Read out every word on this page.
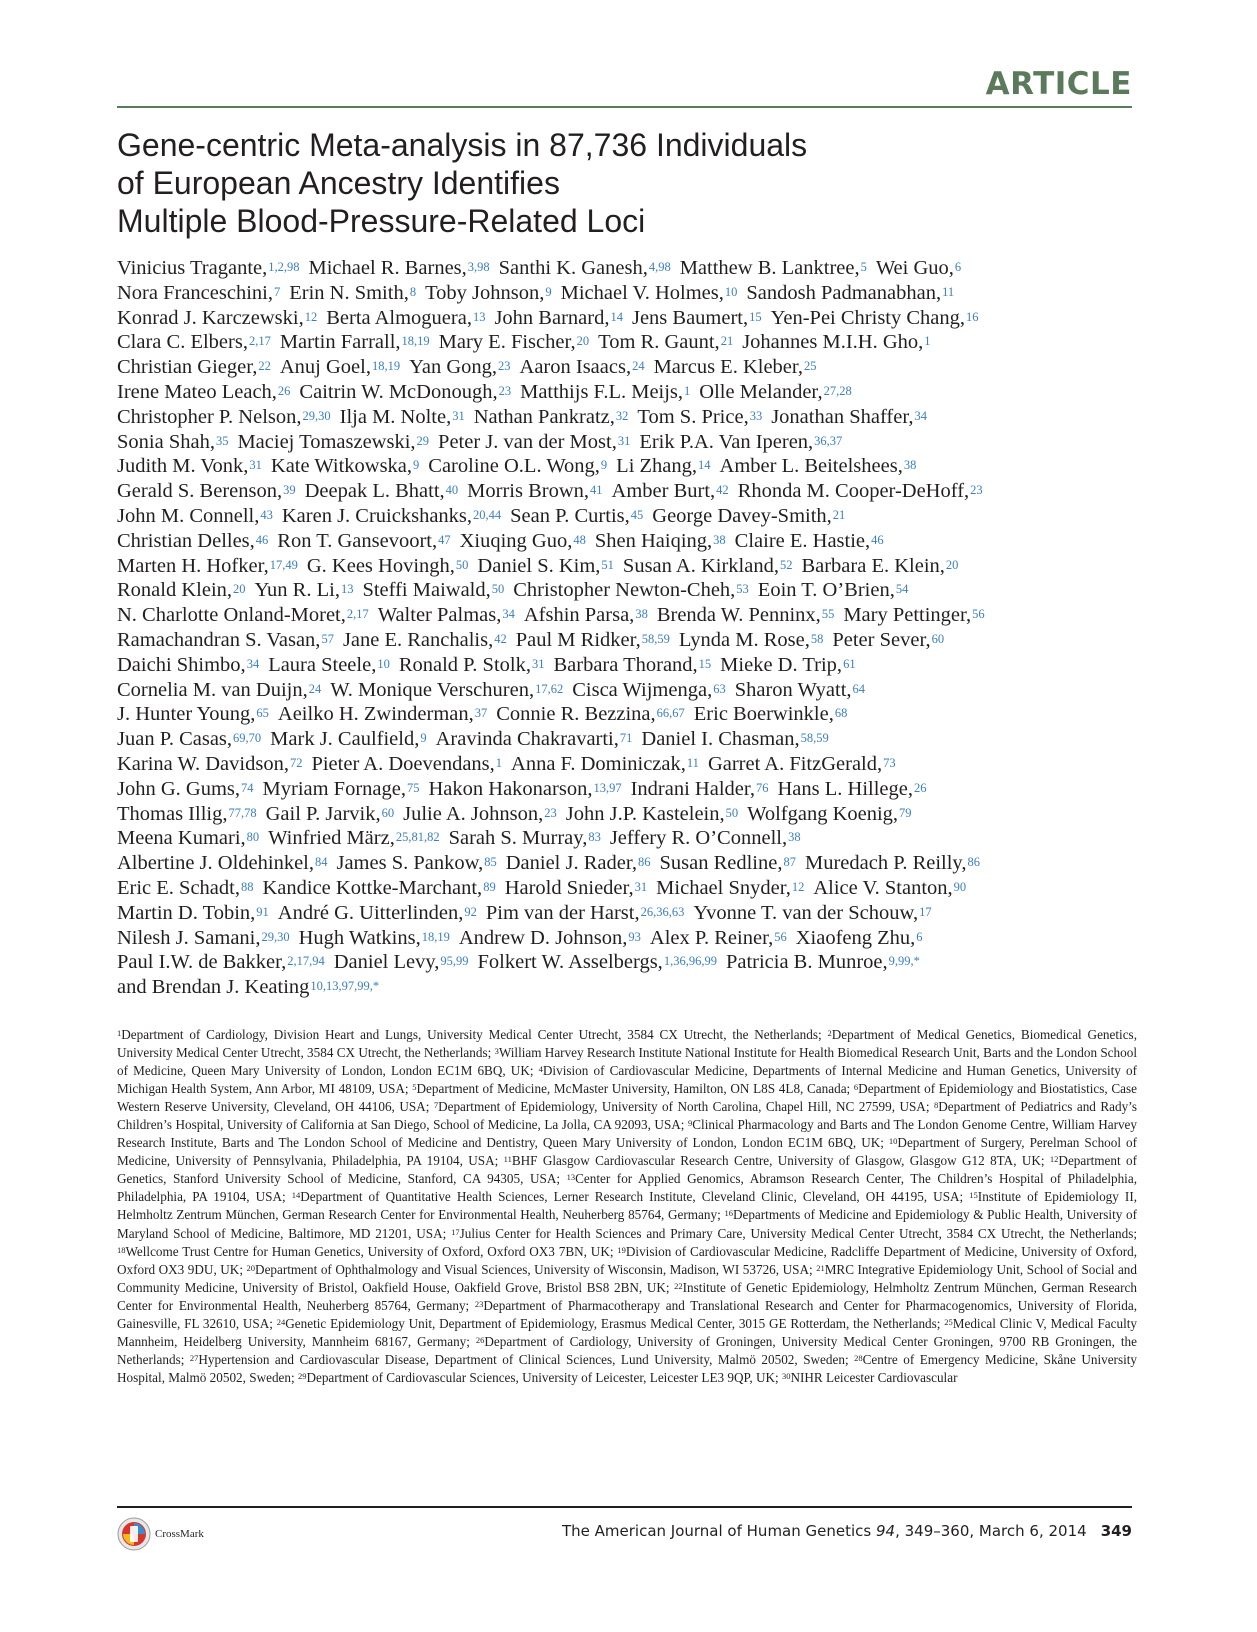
ARTICLE
Gene-centric Meta-analysis in 87,736 Individuals
of European Ancestry Identifies
Multiple Blood-Pressure-Related Loci
Vinicius Tragante,$^{1,2,98}$ Michael R. Barnes,$^{3,98}$ Santhi K. Ganesh,$^{4,98}$ Matthew B. Lanktree,$^5$ Wei Guo,$^6$
Nora Franceschini,$^7$ Erin N. Smith,$^8$ Toby Johnson,$^9$ Michael V. Holmes,$^{10}$ Sandosh Padmanabhan,$^{11}$
Konrad J. Karczewski,$^{12}$ Berta Almoguera,$^{13}$ John Barnard,$^{14}$ Jens Baumert,$^{15}$ Yen-Pei Christy Chang,$^{16}$
Clara C. Elbers,$^{2,17}$ Martin Farrall,$^{18,19}$ Mary E. Fischer,$^{20}$ Tom R. Gaunt,$^{21}$ Johannes M.I.H. Gho,$^1$
Christian Gieger,$^{22}$ Anuj Goel,$^{18,19}$ Yan Gong,$^{23}$ Aaron Isaacs,$^{24}$ Marcus E. Kleber,$^{25}$
Irene Mateo Leach,$^{26}$ Caitrin W. McDonough,$^{23}$ Matthijs F.L. Meijs,$^1$ Olle Melander,$^{27,28}$
Christopher P. Nelson,$^{29,30}$ Ilja M. Nolte,$^{31}$ Nathan Pankratz,$^{32}$ Tom S. Price,$^{33}$ Jonathan Shaffer,$^{34}$
Sonia Shah,$^{35}$ Maciej Tomaszewski,$^{29}$ Peter J. van der Most,$^{31}$ Erik P.A. Van Iperen,$^{36,37}$
Judith M. Vonk,$^{31}$ Kate Witkowska,$^9$ Caroline O.L. Wong,$^9$ Li Zhang,$^{14}$ Amber L. Beitelshees,$^{38}$
Gerald S. Berenson,$^{39}$ Deepak L. Bhatt,$^{40}$ Morris Brown,$^{41}$ Amber Burt,$^{42}$ Rhonda M. Cooper-DeHoff,$^{23}$
John M. Connell,$^{43}$ Karen J. Cruickshanks,$^{20,44}$ Sean P. Curtis,$^{45}$ George Davey-Smith,$^{21}$
Christian Delles,$^{46}$ Ron T. Gansevoort,$^{47}$ Xiuqing Guo,$^{48}$ Shen Haiqing,$^{38}$ Claire E. Hastie,$^{46}$
Marten H. Hofker,$^{17,49}$ G. Kees Hovingh,$^{50}$ Daniel S. Kim,$^{51}$ Susan A. Kirkland,$^{52}$ Barbara E. Klein,$^{20}$
Ronald Klein,$^{20}$ Yun R. Li,$^{13}$ Steffi Maiwald,$^{50}$ Christopher Newton-Cheh,$^{53}$ Eoin T. O’Brien,$^{54}$
N. Charlotte Onland-Moret,$^{2,17}$ Walter Palmas,$^{34}$ Afshin Parsa,$^{38}$ Brenda W. Penninx,$^{55}$ Mary Pettinger,$^{56}$
Ramachandran S. Vasan,$^{57}$ Jane E. Ranchalis,$^{42}$ Paul M Ridker,$^{58,59}$ Lynda M. Rose,$^{58}$ Peter Sever,$^{60}$
Daichi Shimbo,$^{34}$ Laura Steele,$^{10}$ Ronald P. Stolk,$^{31}$ Barbara Thorand,$^{15}$ Mieke D. Trip,$^{61}$
Cornelia M. van Duijn,$^{24}$ W. Monique Verschuren,$^{17,62}$ Cisca Wijmenga,$^{63}$ Sharon Wyatt,$^{64}$
J. Hunter Young,$^{65}$ Aeilko H. Zwinderman,$^{37}$ Connie R. Bezzina,$^{66,67}$ Eric Boerwinkle,$^{68}$
Juan P. Casas,$^{69,70}$ Mark J. Caulfield,$^9$ Aravinda Chakravarti,$^{71}$ Daniel I. Chasman,$^{58,59}$
Karina W. Davidson,$^{72}$ Pieter A. Doevendans,$^1$ Anna F. Dominiczak,$^{11}$ Garret A. FitzGerald,$^{73}$
John G. Gums,$^{74}$ Myriam Fornage,$^{75}$ Hakon Hakonarson,$^{13,97}$ Indrani Halder,$^{76}$ Hans L. Hillege,$^{26}$
Thomas Illig,$^{77,78}$ Gail P. Jarvik,$^{60}$ Julie A. Johnson,$^{23}$ John J.P. Kastelein,$^{50}$ Wolfgang Koenig,$^{79}$
Meena Kumari,$^{80}$ Winfried März,$^{25,81,82}$ Sarah S. Murray,$^{83}$ Jeffery R. O’Connell,$^{38}$
Albertine J. Oldehinkel,$^{84}$ James S. Pankow,$^{85}$ Daniel J. Rader,$^{86}$ Susan Redline,$^{87}$ Muredach P. Reilly,$^{86}$
Eric E. Schadt,$^{88}$ Kandice Kottke-Marchant,$^{89}$ Harold Snieder,$^{31}$ Michael Snyder,$^{12}$ Alice V. Stanton,$^{90}$
Martin D. Tobin,$^{91}$ André G. Uitterlinden,$^{92}$ Pim van der Harst,$^{26,36,63}$ Yvonne T. van der Schouw,$^{17}$
Nilesh J. Samani,$^{29,30}$ Hugh Watkins,$^{18,19}$ Andrew D. Johnson,$^{93}$ Alex P. Reiner,$^{56}$ Xiaofeng Zhu,$^6$
Paul I.W. de Bakker,$^{2,17,94}$ Daniel Levy,$^{95,99}$ Folkert W. Asselbergs,$^{1,36,96,99}$ Patricia B. Munroe,$^{9,99,*}$
and Brendan J. Keating$^{10,13,97,99,*}$

$^1$Department of Cardiology, Division Heart and Lungs, University Medical Center Utrecht, 3584 CX Utrecht, the Netherlands; $^2$Department of Medical Genetics, Biomedical Genetics, University Medical Center Utrecht, 3584 CX Utrecht, the Netherlands; $^3$William Harvey Research Institute National Institute for Health Biomedical Research Unit, Barts and the London School of Medicine, Queen Mary University of London, London EC1M 6BQ, UK; $^4$Division of Cardiovascular Medicine, Departments of Internal Medicine and Human Genetics, University of Michigan Health System, Ann Arbor, MI 48109, USA; $^5$Department of Medicine, McMaster University, Hamilton, ON L8S 4L8, Canada; $^6$Department of Epidemiology and Biostatistics, Case Western Reserve University, Cleveland, OH 44106, USA; $^7$Department of Epidemiology, University of North Carolina, Chapel Hill, NC 27599, USA; $^8$Department of Pediatrics and Rady’s Children’s Hospital, University of California at San Diego, School of Medicine, La Jolla, CA 92093, USA; $^9$Clinical Pharmacology and Barts and The London Genome Centre, William Harvey Research Institute, Barts and The London School of Medicine and Dentistry, Queen Mary University of London, London EC1M 6BQ, UK; $^{10}$Department of Surgery, Perelman School of Medicine, University of Pennsylvania, Philadelphia, PA 19104, USA; $^{11}$BHF Glasgow Cardiovascular Research Centre, University of Glasgow, Glasgow G12 8TA, UK; $^{12}$Department of Genetics, Stanford University School of Medicine, Stanford, CA 94305, USA; $^{13}$Center for Applied Genomics, Abramson Research Center, The Children’s Hospital of Philadelphia, Philadelphia, PA 19104, USA; $^{14}$Department of Quantitative Health Sciences, Lerner Research Institute, Cleveland Clinic, Cleveland, OH 44195, USA; $^{15}$Institute of Epidemiology II, Helmholtz Zentrum München, German Research Center for Environmental Health, Neuherberg 85764, Germany; $^{16}$Departments of Medicine and Epidemiology & Public Health, University of Maryland School of Medicine, Baltimore, MD 21201, USA; $^{17}$Julius Center for Health Sciences and Primary Care, University Medical Center Utrecht, 3584 CX Utrecht, the Netherlands; $^{18}$Wellcome Trust Centre for Human Genetics, University of Oxford, Oxford OX3 7BN, UK; $^{19}$Division of Cardiovascular Medicine, Radcliffe Department of Medicine, University of Oxford, Oxford OX3 9DU, UK; $^{20}$Department of Ophthalmology and Visual Sciences, University of Wisconsin, Madison, WI 53726, USA; $^{21}$MRC Integrative Epidemiology Unit, School of Social and Community Medicine, University of Bristol, Oakfield House, Oakfield Grove, Bristol BS8 2BN, UK; $^{22}$Institute of Genetic Epidemiology, Helmholtz Zentrum München, German Research Center for Environmental Health, Neuherberg 85764, Germany; $^{23}$Department of Pharmacotherapy and Translational Research and Center for Pharmacogenomics, University of Florida, Gainesville, FL 32610, USA; $^{24}$Genetic Epidemiology Unit, Department of Epidemiology, Erasmus Medical Center, 3015 GE Rotterdam, the Netherlands; $^{25}$Medical Clinic V, Medical Faculty Mannheim, Heidelberg University, Mannheim 68167, Germany; $^{26}$Department of Cardiology, University of Groningen, University Medical Center Groningen, 9700 RB Groningen, the Netherlands; $^{27}$Hypertension and Cardiovascular Disease, Department of Clinical Sciences, Lund University, Malmö 20502, Sweden; $^{28}$Centre of Emergency Medicine, Skåne University Hospital, Malmö 20502, Sweden; $^{29}$Department of Cardiovascular Sciences, University of Leicester, Leicester LE3 9QP, UK; $^{30}$NIHR Leicester Cardiovascular

CrossMark	The American Journal of Human Genetics 94, 349–360, March 6, 2014 349
